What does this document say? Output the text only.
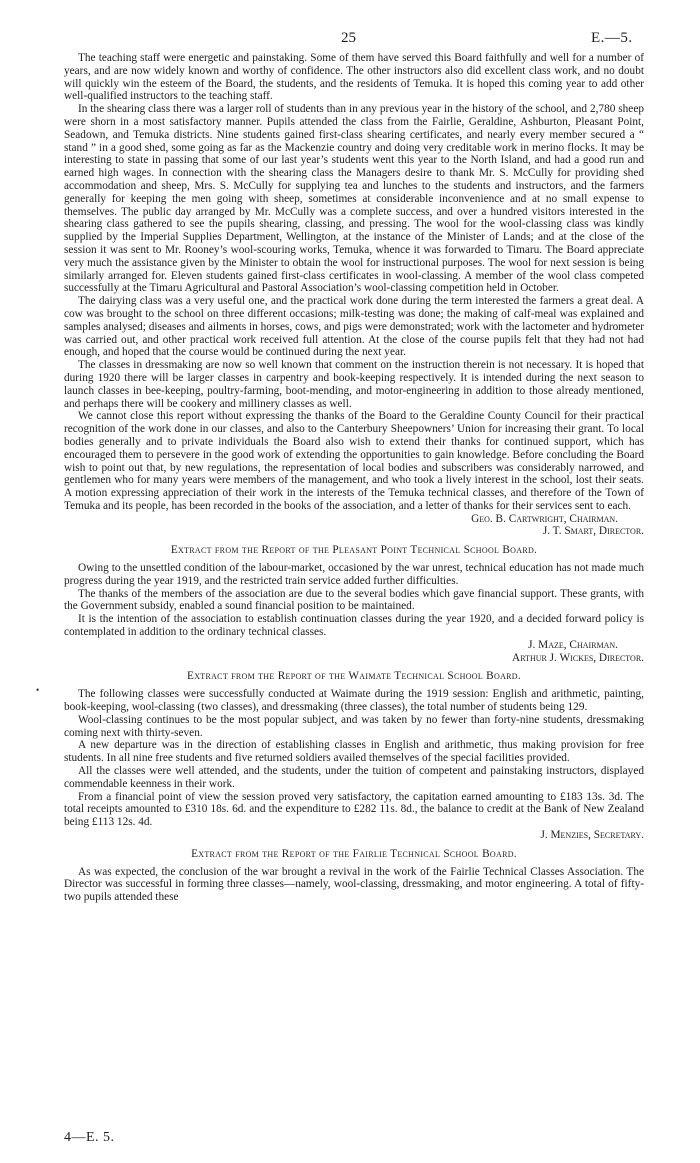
25	E.—5.
•

The teaching staff were energetic and painstaking. Some of them have served this Board faithfully and well for a number of years, and are now widely known and worthy of confidence. The other instructors also did excellent class work, and no doubt will quickly win the esteem of the Board, the students, and the residents of Temuka. It is hoped this coming year to add other well-qualified instructors to the teaching staff.

In the shearing class there was a larger roll of students than in any previous year in the history of the school, and 2,780 sheep were shorn in a most satisfactory manner. Pupils attended the class from the Fairlie, Geraldine, Ashburton, Pleasant Point, Seadown, and Temuka districts. Nine students gained first-class shearing certificates, and nearly every member secured a “ stand ” in a good shed, some going as far as the Mackenzie country and doing very creditable work in merino flocks. It may be interesting to state in passing that some of our last year’s students went this year to the North Island, and had a good run and earned high wages. In connection with the shearing class the Managers desire to thank Mr. S. McCully for providing shed accommodation and sheep, Mrs. S. McCully for supplying tea and lunches to the students and instructors, and the farmers generally for keeping the men going with sheep, sometimes at considerable inconvenience and at no small expense to themselves. The public day arranged by Mr. McCully was a complete success, and over a hundred visitors interested in the shearing class gathered to see the pupils shearing, classing, and pressing. The wool for the wool-classing class was kindly supplied by the Imperial Supplies Department, Wellington, at the instance of the Minister of Lands; and at the close of the session it was sent to Mr. Rooney’s wool-scouring works, Temuka, whence it was forwarded to Timaru. The Board appreciate very much the assistance given by the Minister to obtain the wool for instructional purposes. The wool for next session is being similarly arranged for. Eleven students gained first-class certificates in wool-classing. A member of the wool class competed successfully at the Timaru Agricultural and Pastoral Association’s wool-classing competition held in October.

The dairying class was a very useful one, and the practical work done during the term interested the farmers a great deal. A cow was brought to the school on three different occasions; milk-testing was done; the making of calf-meal was explained and samples analysed; diseases and ailments in horses, cows, and pigs were demonstrated; work with the lactometer and hydrometer was carried out, and other practical work received full attention. At the close of the course pupils felt that they had not had enough, and hoped that the course would be continued during the next year.

The classes in dressmaking are now so well known that comment on the instruction therein is not necessary. It is hoped that during 1920 there will be larger classes in carpentry and book-keeping respectively. It is intended during the next season to launch classes in bee-keeping, poultry-farming, boot-mending, and motor-engineering in addition to those already mentioned, and perhaps there will be cookery and millinery classes as well.

We cannot close this report without expressing the thanks of the Board to the Geraldine County Council for their practical recognition of the work done in our classes, and also to the Canterbury Sheepowners’ Union for increasing their grant. To local bodies generally and to private individuals the Board also wish to extend their thanks for continued support, which has encouraged them to persevere in the good work of extending the opportunities to gain knowledge. Before concluding the Board wish to point out that, by new regulations, the representation of local bodies and subscribers was considerably narrowed, and gentlemen who for many years were members of the management, and who took a lively interest in the school, lost their seats. A motion expressing appreciation of their work in the interests of the Temuka technical classes, and therefore of the Town of Temuka and its people, has been recorded in the books of the association, and a letter of thanks for their services sent to each.

Geo. B. Cartwright, Chairman.

J. T. Smart, Director.

Extract from the Report of the Pleasant Point Technical School Board.

Owing to the unsettled condition of the labour-market, occasioned by the war unrest, technical education has not made much progress during the year 1919, and the restricted train service added further difficulties.

The thanks of the members of the association are due to the several bodies which gave financial support. These grants, with the Government subsidy, enabled a sound financial position to be maintained.

It is the intention of the association to establish continuation classes during the year 1920, and a decided forward policy is contemplated in addition to the ordinary technical classes.

J. Maze, Chairman.

Arthur J. Wickes, Director.

Extract from the Report of the Waimate Technical School Board.

The following classes were successfully conducted at Waimate during the 1919 session: English and arithmetic, painting, book-keeping, wool-classing (two classes), and dressmaking (three classes), the total number of students being 129.

Wool-classing continues to be the most popular subject, and was taken by no fewer than forty-nine students, dressmaking coming next with thirty-seven.

A new departure was in the direction of establishing classes in English and arithmetic, thus making provision for free students. In all nine free students and five returned soldiers availed themselves of the special facilities provided.

All the classes were well attended, and the students, under the tuition of competent and painstaking instructors, displayed commendable keenness in their work.

From a financial point of view the session proved very satisfactory, the capitation earned amounting to £183 13s. 3d. The total receipts amounted to £310 18s. 6d. and the expenditure to £282 11s. 8d., the balance to credit at the Bank of New Zealand being £113 12s. 4d.

J. Menzies, Secretary.

Extract from the Report of the Fairlie Technical School Board.

As was expected, the conclusion of the war brought a revival in the work of the Fairlie Technical Classes Association. The Director was successful in forming three classes—namely, wool-classing, dressmaking, and motor engineering. A total of fifty-two pupils attended these

4—E. 5.
